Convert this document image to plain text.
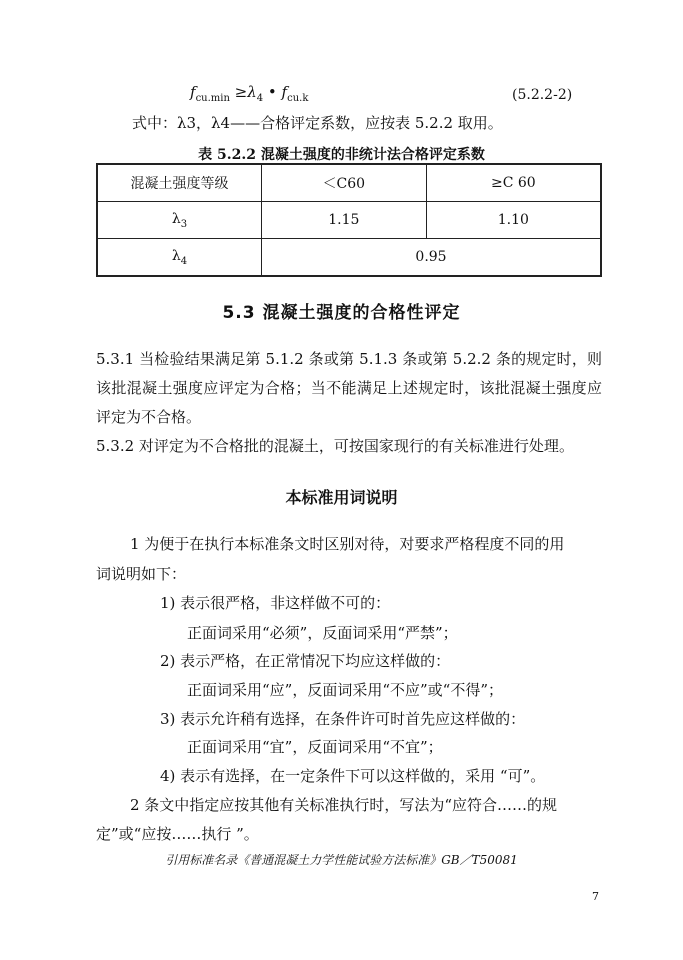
$f_{cu.min} \ge\lambda_4$ • $f_{cu.k}$	(5.2.2-2)
式中：λ3，λ4——合格评定系数，应按表 5.2.2 取用。
表 5.2.2 混凝土强度的非统计法合格评定系数
混凝土强度等级	＜C60	≥C 60
$\lambda_3$	1.15	1.10
$\lambda_4$	0.95	
5.3 混凝土强度的合格性评定
5.3.1 当检验结果满足第 5.1.2 条或第 5.1.3 条或第 5.2.2 条的规定时，则该批混凝土强度应评定为合格；当不能满足上述规定时，该批混凝土强度应评定为不合格。
5.3.2 对评定为不合格批的混凝土，可按国家现行的有关标准进行处理。
本标准用词说明
1 为便于在执行本标准条文时区别对待，对要求严格程度不同的用
词说明如下：
1) 表示很严格，非这样做不可的：
正面词采用“必须”，反面词采用“严禁”；
2) 表示严格，在正常情况下均应这样做的：
正面词采用“应”，反面词采用“不应”或“不得”；
3) 表示允许稍有选择，在条件许可时首先应这样做的：
正面词采用“宜”，反面词采用“不宜”；
4) 表示有选择，在一定条件下可以这样做的，采用 “可”。
2 条文中指定应按其他有关标准执行时，写法为“应符合……的规
定”或“应按……执行 ”。
引用标准名录《普通混凝土力学性能试验方法标准》GB／T50081
7
